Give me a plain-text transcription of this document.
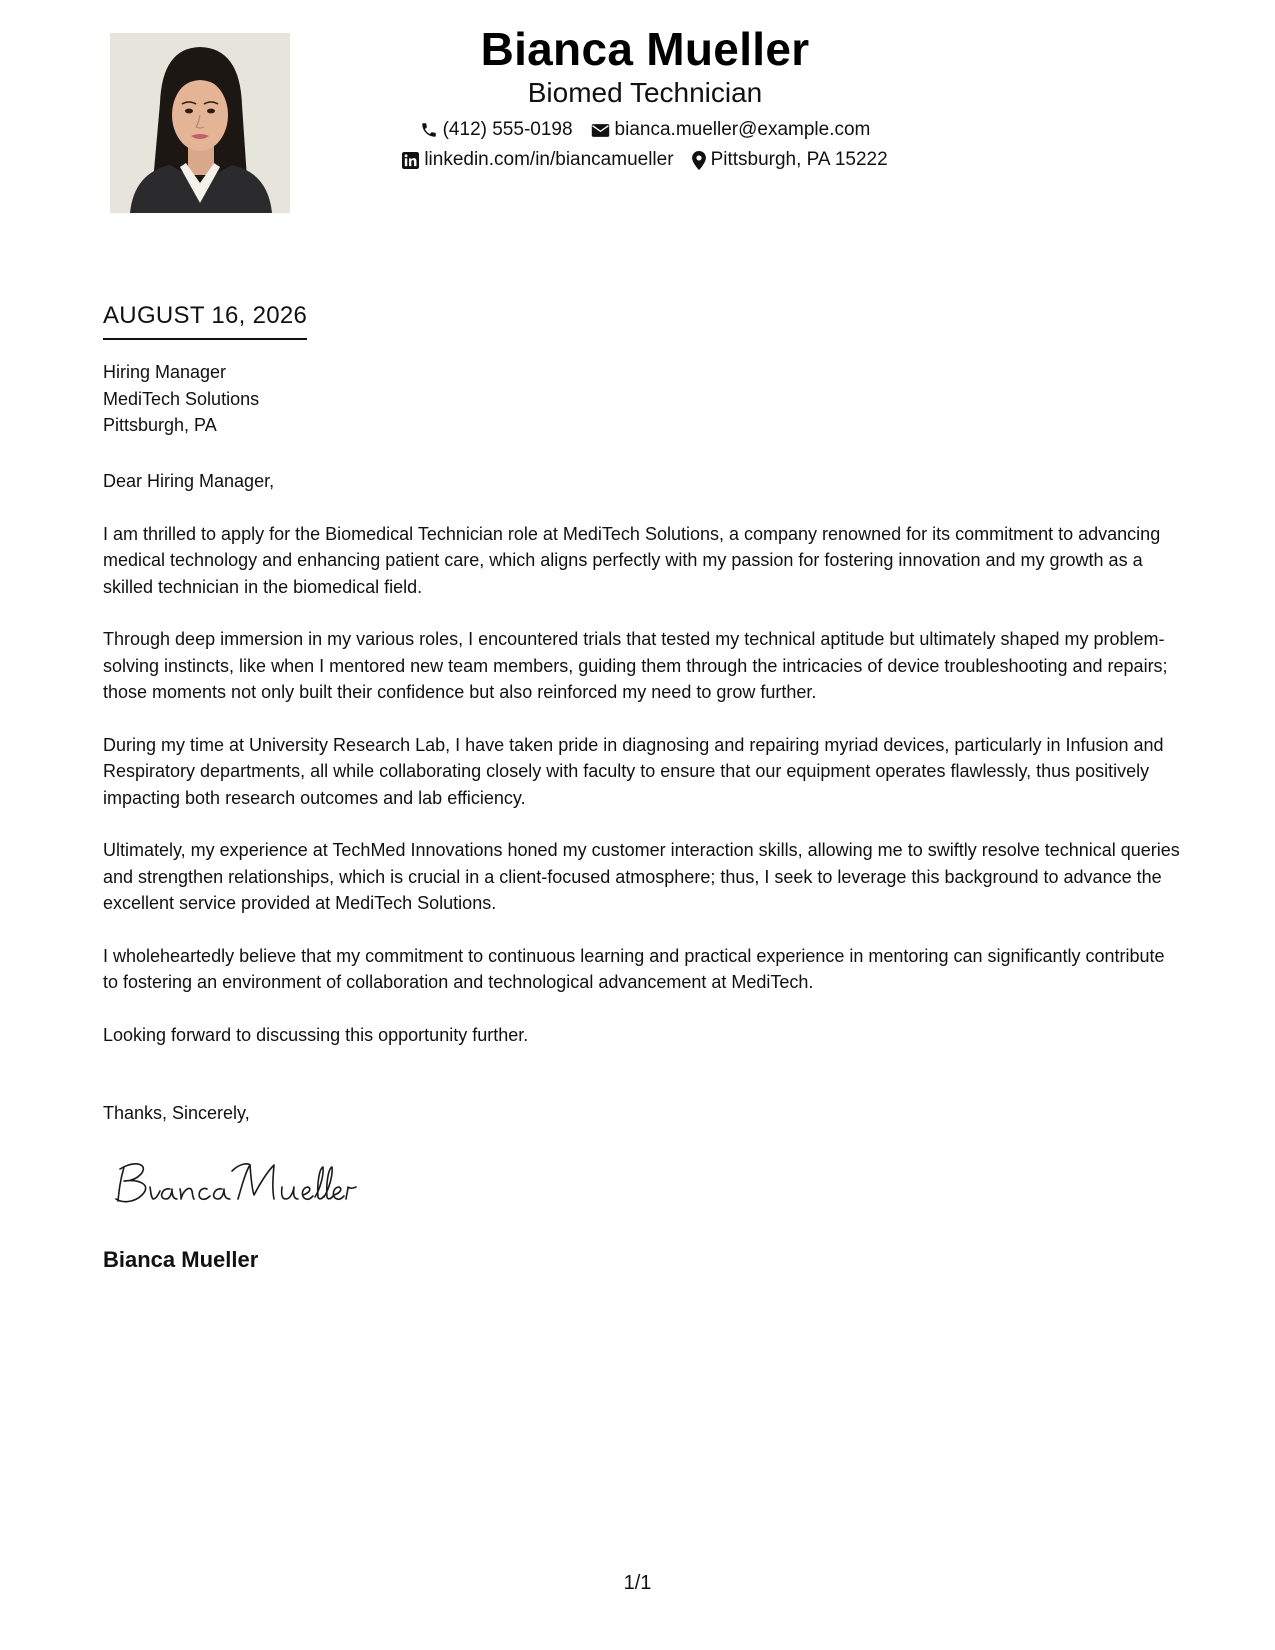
Bianca Mueller
Biomed Technician
(412) 555-0198 bianca.mueller@example.com
linkedin.com/in/biancamueller Pittsburgh, PA 15222
AUGUST 16, 2026
Hiring Manager
MediTech Solutions
Pittsburgh, PA

Dear Hiring Manager,

I am thrilled to apply for the Biomedical Technician role at MediTech Solutions, a company renowned for its commitment to advancing medical technology and enhancing patient care, which aligns perfectly with my passion for fostering innovation and my growth as a skilled technician in the biomedical field.

Through deep immersion in my various roles, I encountered trials that tested my technical aptitude but ultimately shaped my problem-solving instincts, like when I mentored new team members, guiding them through the intricacies of device troubleshooting and repairs; those moments not only built their confidence but also reinforced my need to grow further.

During my time at University Research Lab, I have taken pride in diagnosing and repairing myriad devices, particularly in Infusion and Respiratory departments, all while collaborating closely with faculty to ensure that our equipment operates flawlessly, thus positively impacting both research outcomes and lab efficiency.

Ultimately, my experience at TechMed Innovations honed my customer interaction skills, allowing me to swiftly resolve technical queries and strengthen relationships, which is crucial in a client-focused atmosphere; thus, I seek to leverage this background to advance the excellent service provided at MediTech Solutions.

I wholeheartedly believe that my commitment to continuous learning and practical experience in mentoring can significantly contribute to fostering an environment of collaboration and technological advancement at MediTech.

Looking forward to discussing this opportunity further.

Thanks, Sincerely,
Bianca Mueller
1/1
